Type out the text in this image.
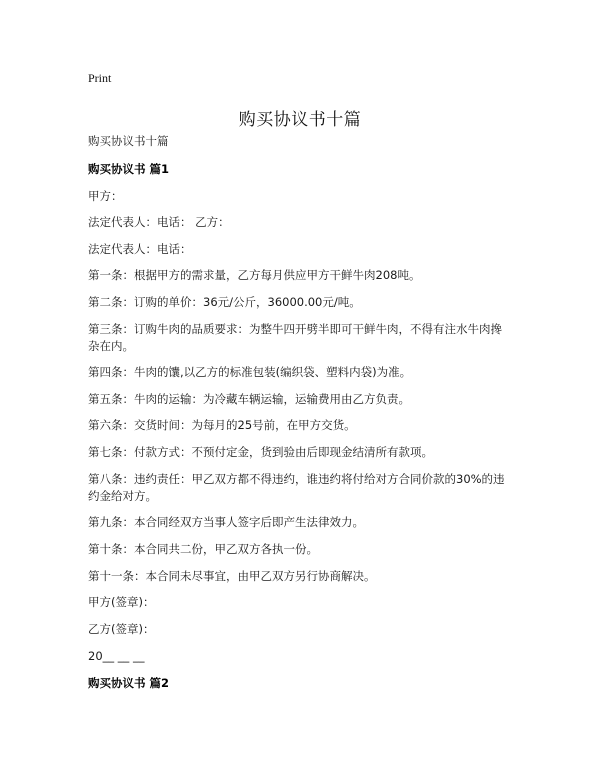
Print
购买协议书十篇
购买协议书十篇
购买协议书 篇1
甲方：
法定代表人：电话： 乙方：
法定代表人：电话：
第一条：根据甲方的需求量，乙方每月供应甲方干鲜牛肉208吨。
第二条：订购的单价：36元/公斤，36000.00元/吨。
第三条：订购牛肉的品质要求：为整牛四开劈半即可干鲜牛肉，不得有注水牛肉搀
杂在内。
第四条：牛肉的馕,以乙方的标准包装(编织袋、塑料内袋)为准。
第五条：牛肉的运输：为冷藏车辆运输，运输费用由乙方负责。
第六条：交货时间：为每月的25号前，在甲方交货。
第七条：付款方式：不预付定金，货到验由后即现金结清所有款项。
第八条：违约责任：甲乙双方都不得违约，谁违约将付给对方合同价款的30%的违
约金给对方。
第九条：本合同经双方当事人签字后即产生法律效力。
第十条：本合同共二份，甲乙双方各执一份。
第十一条：本合同未尽事宜，由甲乙双方另行协商解决。
甲方(签章)：
乙方(签章)：
20__ __ __
购买协议书 篇2
